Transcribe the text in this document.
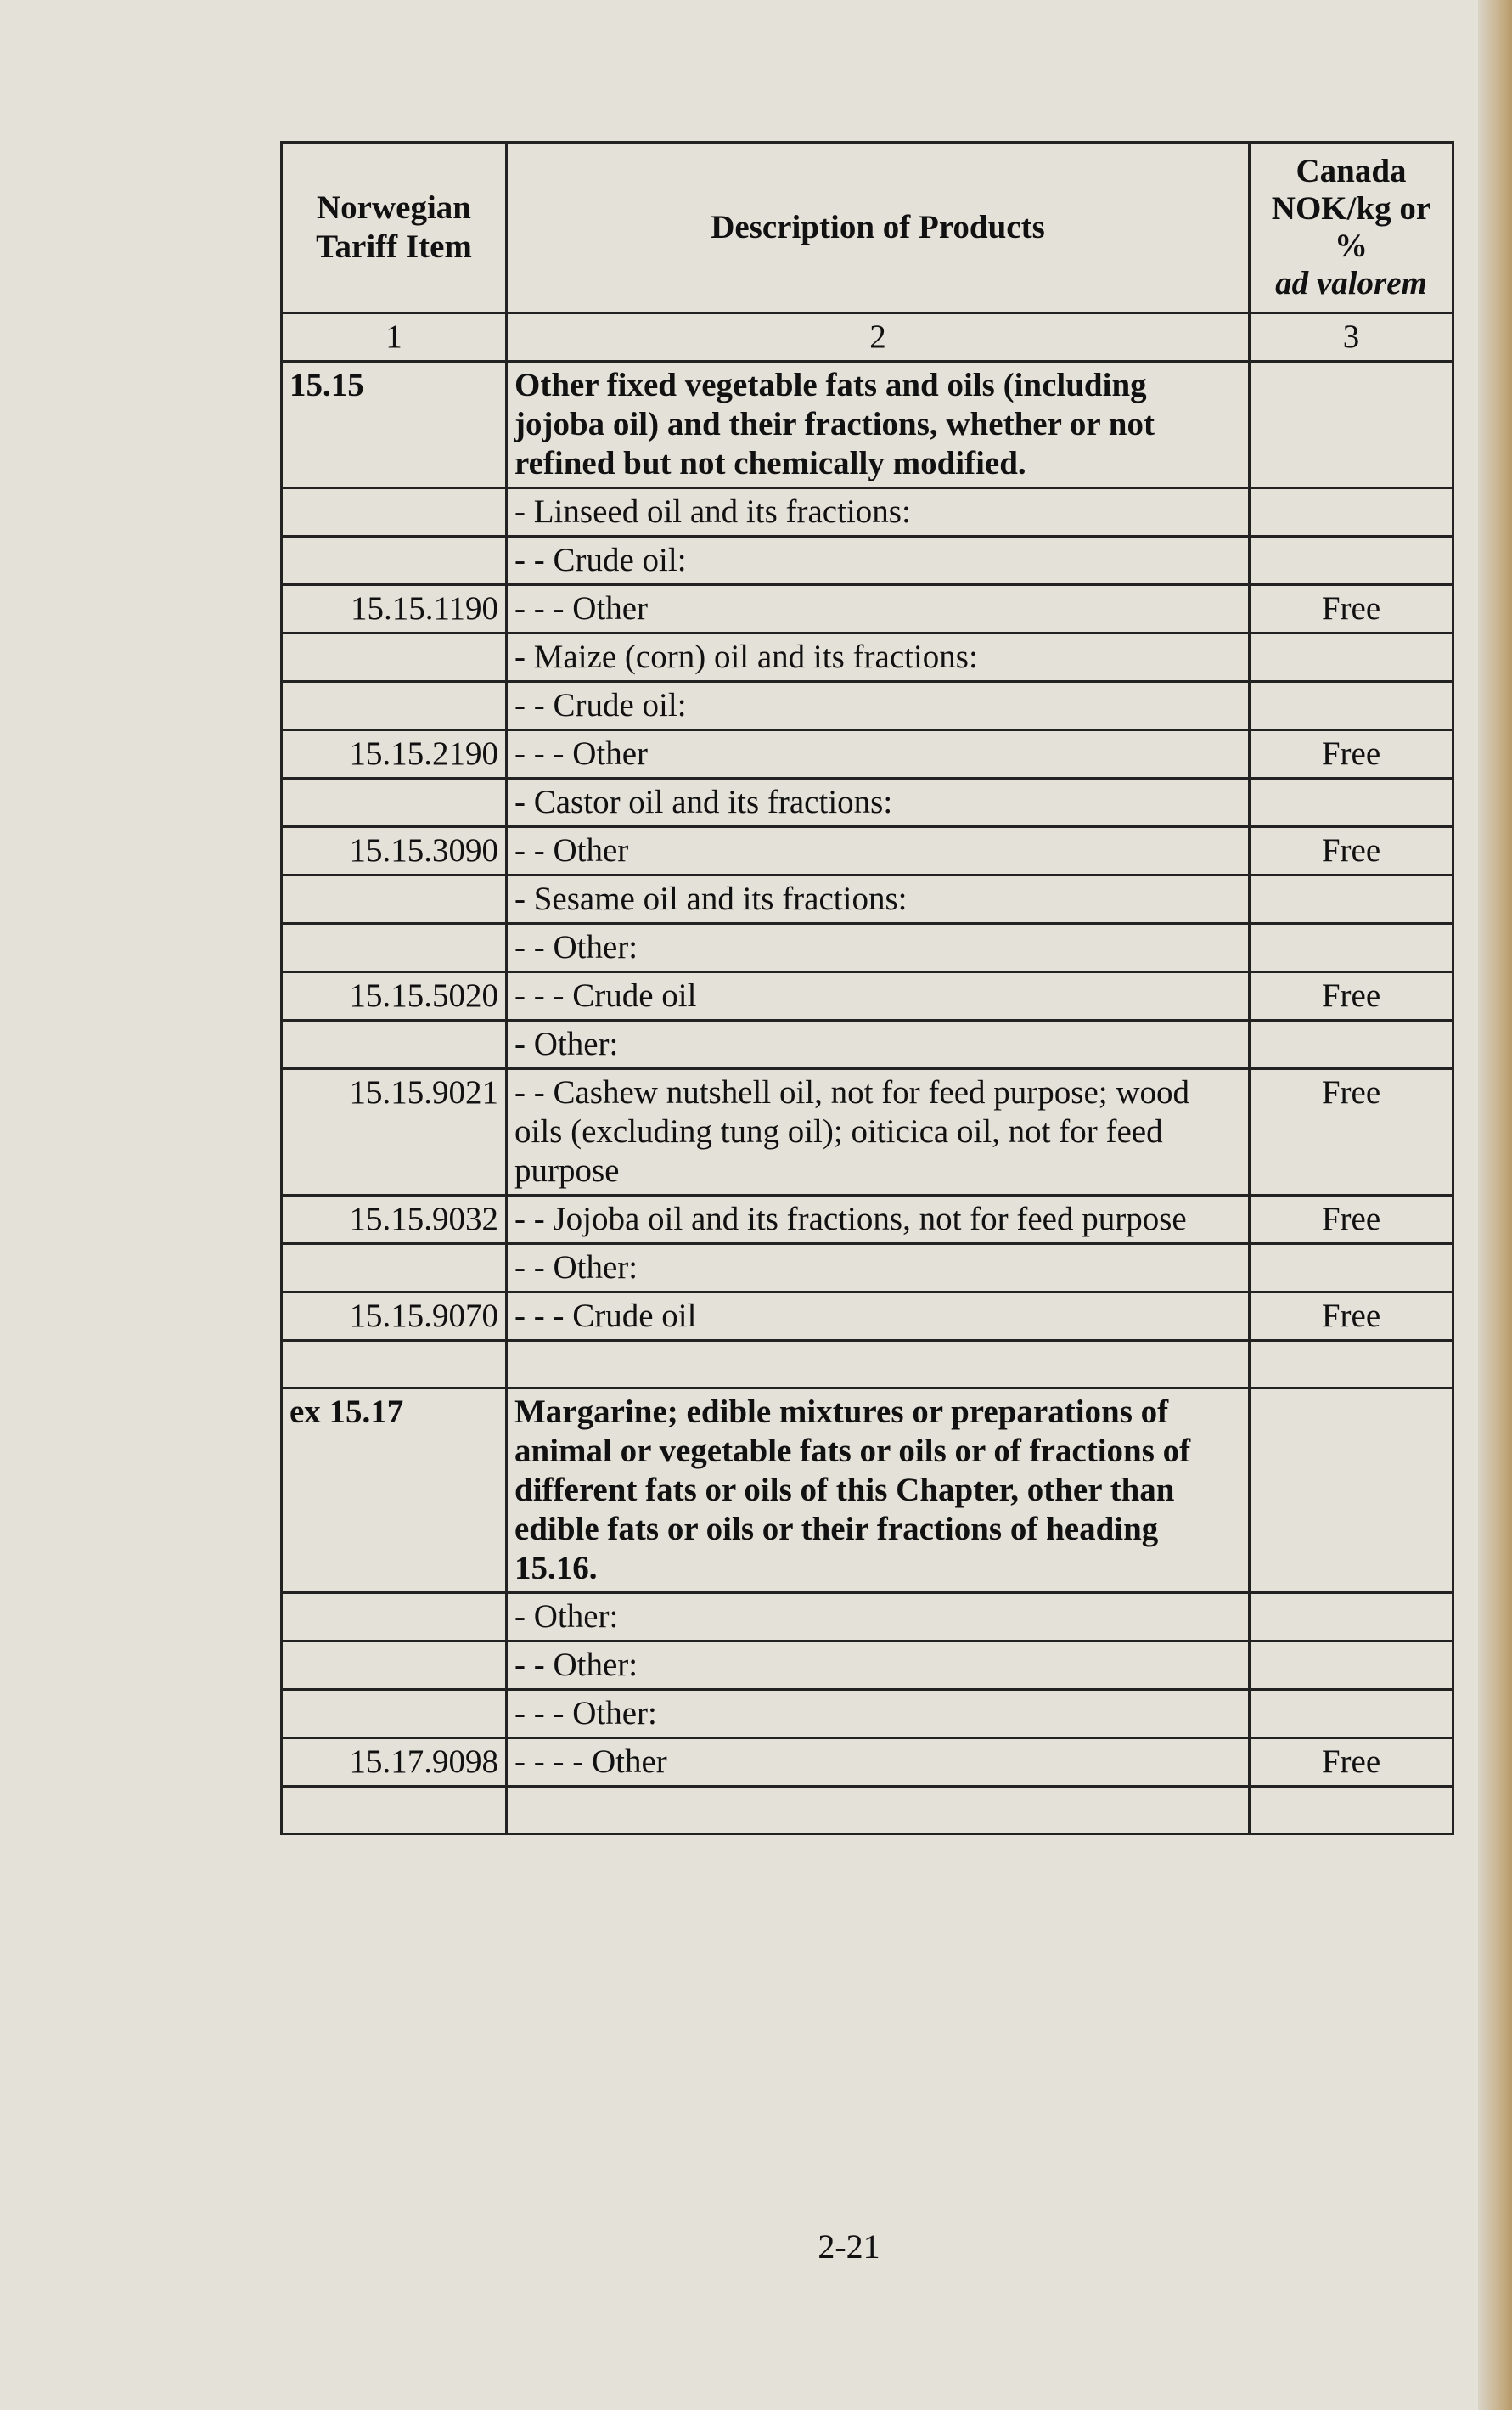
Norwegian Tariff Item	Description of Products	Canada
NOK/kg or
%
ad valorem

1	2	3
15.15	Other fixed vegetable fats and oils (including jojoba oil) and their fractions, whether or not refined but not chemically modified.	
	- Linseed oil and its fractions:	
	- - Crude oil:	
15.15.1190	- - - Other	Free
	- Maize (corn) oil and its fractions:	
	- - Crude oil:	
15.15.2190	- - - Other	Free
	- Castor oil and its fractions:	
15.15.3090	- - Other	Free
	- Sesame oil and its fractions:	
	- - Other:	
15.15.5020	- - - Crude oil	Free
	- Other:	
15.15.9021	- - Cashew nutshell oil, not for feed purpose; wood oils (excluding tung oil); oiticica oil, not for feed purpose	Free
15.15.9032	- - Jojoba oil and its fractions, not for feed purpose	Free
	- - Other:	
15.15.9070	- - - Crude oil	Free

ex 15.17	Margarine; edible mixtures or preparations of animal or vegetable fats or oils or of fractions of different fats or oils of this Chapter, other than edible fats or oils or their fractions of heading 15.16.	
	- Other:	
	- - Other:	
	- - - Other:	
15.17.9098	- - - - Other	Free

2-21
